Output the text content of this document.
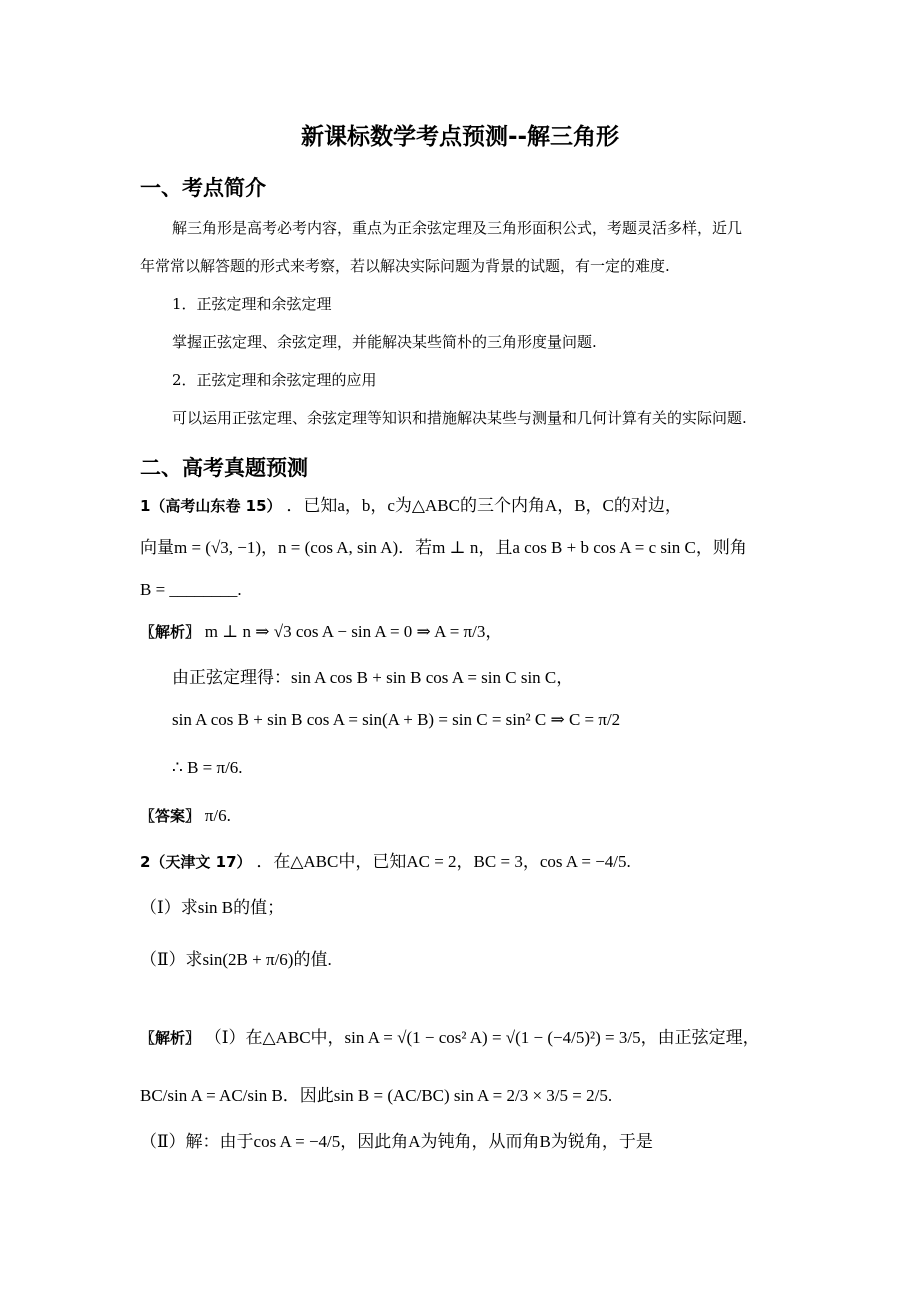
新课标数学考点预测--解三角形
一、考点简介
解三角形是高考必考内容，重点为正余弦定理及三角形面积公式，考题灵活多样，近几
年常常以解答题的形式来考察，若以解决实际问题为背景的试题，有一定的难度.
1．正弦定理和余弦定理
掌握正弦定理、余弦定理，并能解决某些简朴的三角形度量问题.
2．正弦定理和余弦定理的应用
可以运用正弦定理、余弦定理等知识和措施解决某些与测量和几何计算有关的实际问题.
二、高考真题预测
1（高考山东卷 15） ．已知a，b，c为△ABC的三个内角A，B，C的对边，
向量m = (√3, −1)，n = (cos A, sin A)．若m ⊥ n，且a cos B + b cos A = c sin C，则角
B = ________.
〖解析〗 m ⊥ n ⇒ √3 cos A − sin A = 0 ⇒ A = π/3，
由正弦定理得：sin A cos B + sin B cos A = sin C sin C，
sin A cos B + sin B cos A = sin(A + B) = sin C = sin² C ⇒ C = π/2
∴ B = π/6.
〖答案〗 π/6.
2（天津文 17） ．在△ABC中，已知AC = 2，BC = 3，cos A = −4/5.
（Ⅰ）求sin B的值；
（Ⅱ）求sin(2B + π/6)的值.
〖解析〗 （Ⅰ）在△ABC中，sin A = √(1 − cos² A) = √(1 − (−4/5)²) = 3/5，由正弦定理，
BC/sin A = AC/sin B．因此sin B = (AC/BC) sin A = 2/3 × 3/5 = 2/5.
（Ⅱ）解：由于cos A = −4/5，因此角A为钝角，从而角B为锐角，于是
